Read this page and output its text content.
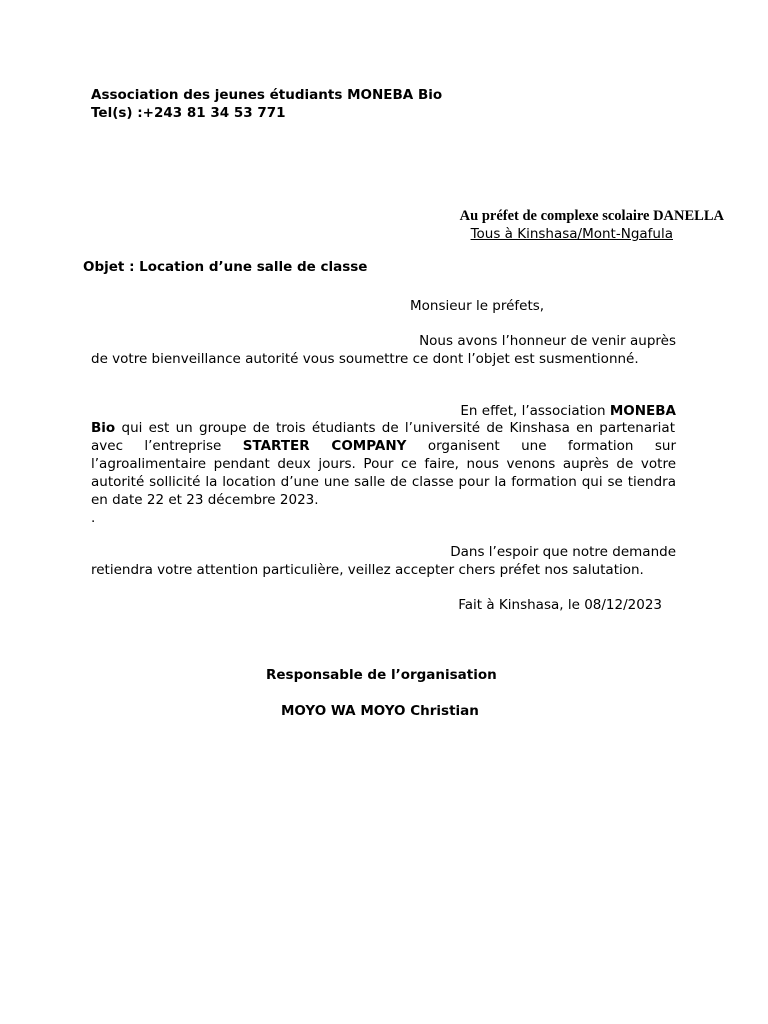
Association des jeunes étudiants MONEBA Bio
Tel(s) :+243 81 34 53 771
Au préfet de complexe scolaire DANELLA
Tous à Kinshasa/Mont-Ngafula
Objet : Location d’une salle de classe
Monsieur le préfets,
Nous avons l’honneur de venir auprès
de votre bienveillance autorité vous soumettre ce dont l’objet est susmentionné.
En effet, l’association MONEBA
Bio qui est un groupe de trois étudiants de l’université de Kinshasa en partenariat
avec l’entreprise STARTER COMPANY organisent une formation sur
l’agroalimentaire pendant deux jours. Pour ce faire, nous venons auprès de votre
autorité sollicité la location d’une une salle de classe pour la formation qui se tiendra
en date 22 et 23 décembre 2023.
.
Dans l’espoir que notre demande
retiendra votre attention particulière, veillez accepter chers préfet nos salutation.
Fait à Kinshasa, le 08/12/2023
Responsable de l’organisation
MOYO WA MOYO Christian
